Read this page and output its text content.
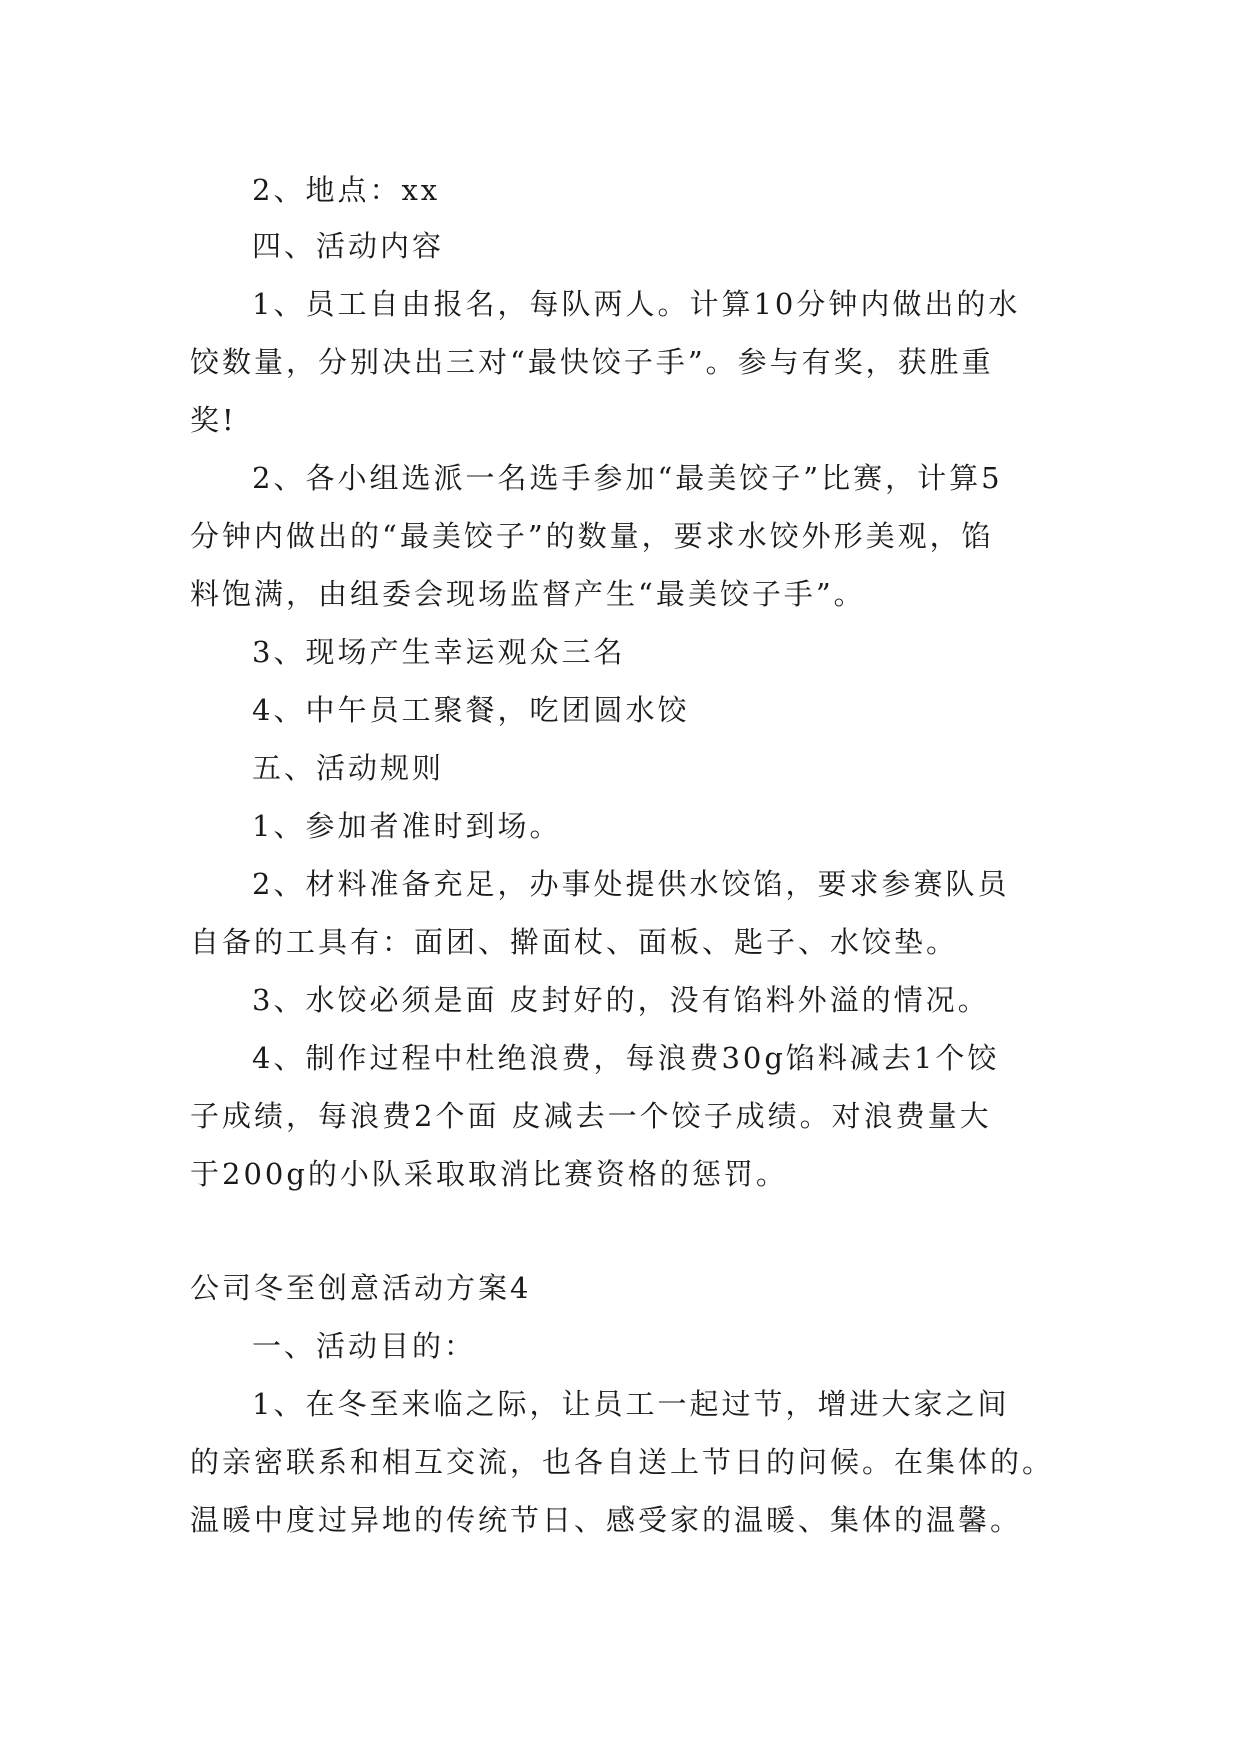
2、地点：xx
四、活动内容
1、员工自由报名，每队两人。计算10分钟内做出的水
饺数量，分别决出三对“最快饺子手”。参与有奖，获胜重
奖!
2、各小组选派一名选手参加“最美饺子”比赛，计算5
分钟内做出的“最美饺子”的数量，要求水饺外形美观，馅
料饱满，由组委会现场监督产生“最美饺子手”。
3、现场产生幸运观众三名
4、中午员工聚餐，吃团圆水饺
五、活动规则
1、参加者准时到场。
2、材料准备充足，办事处提供水饺馅，要求参赛队员
自备的工具有：面团、擀面杖、面板、匙子、水饺垫。
3、水饺必须是面 皮封好的，没有馅料外溢的情况。
4、制作过程中杜绝浪费，每浪费30g馅料减去1个饺
子成绩，每浪费2个面 皮减去一个饺子成绩。对浪费量大
于200g的小队采取取消比赛资格的惩罚。
公司冬至创意活动方案4
一、活动目的：
1、在冬至来临之际，让员工一起过节，增进大家之间
的亲密联系和相互交流，也各自送上节日的问候。在集体的。
温暖中度过异地的传统节日、感受家的温暖、集体的温馨。
